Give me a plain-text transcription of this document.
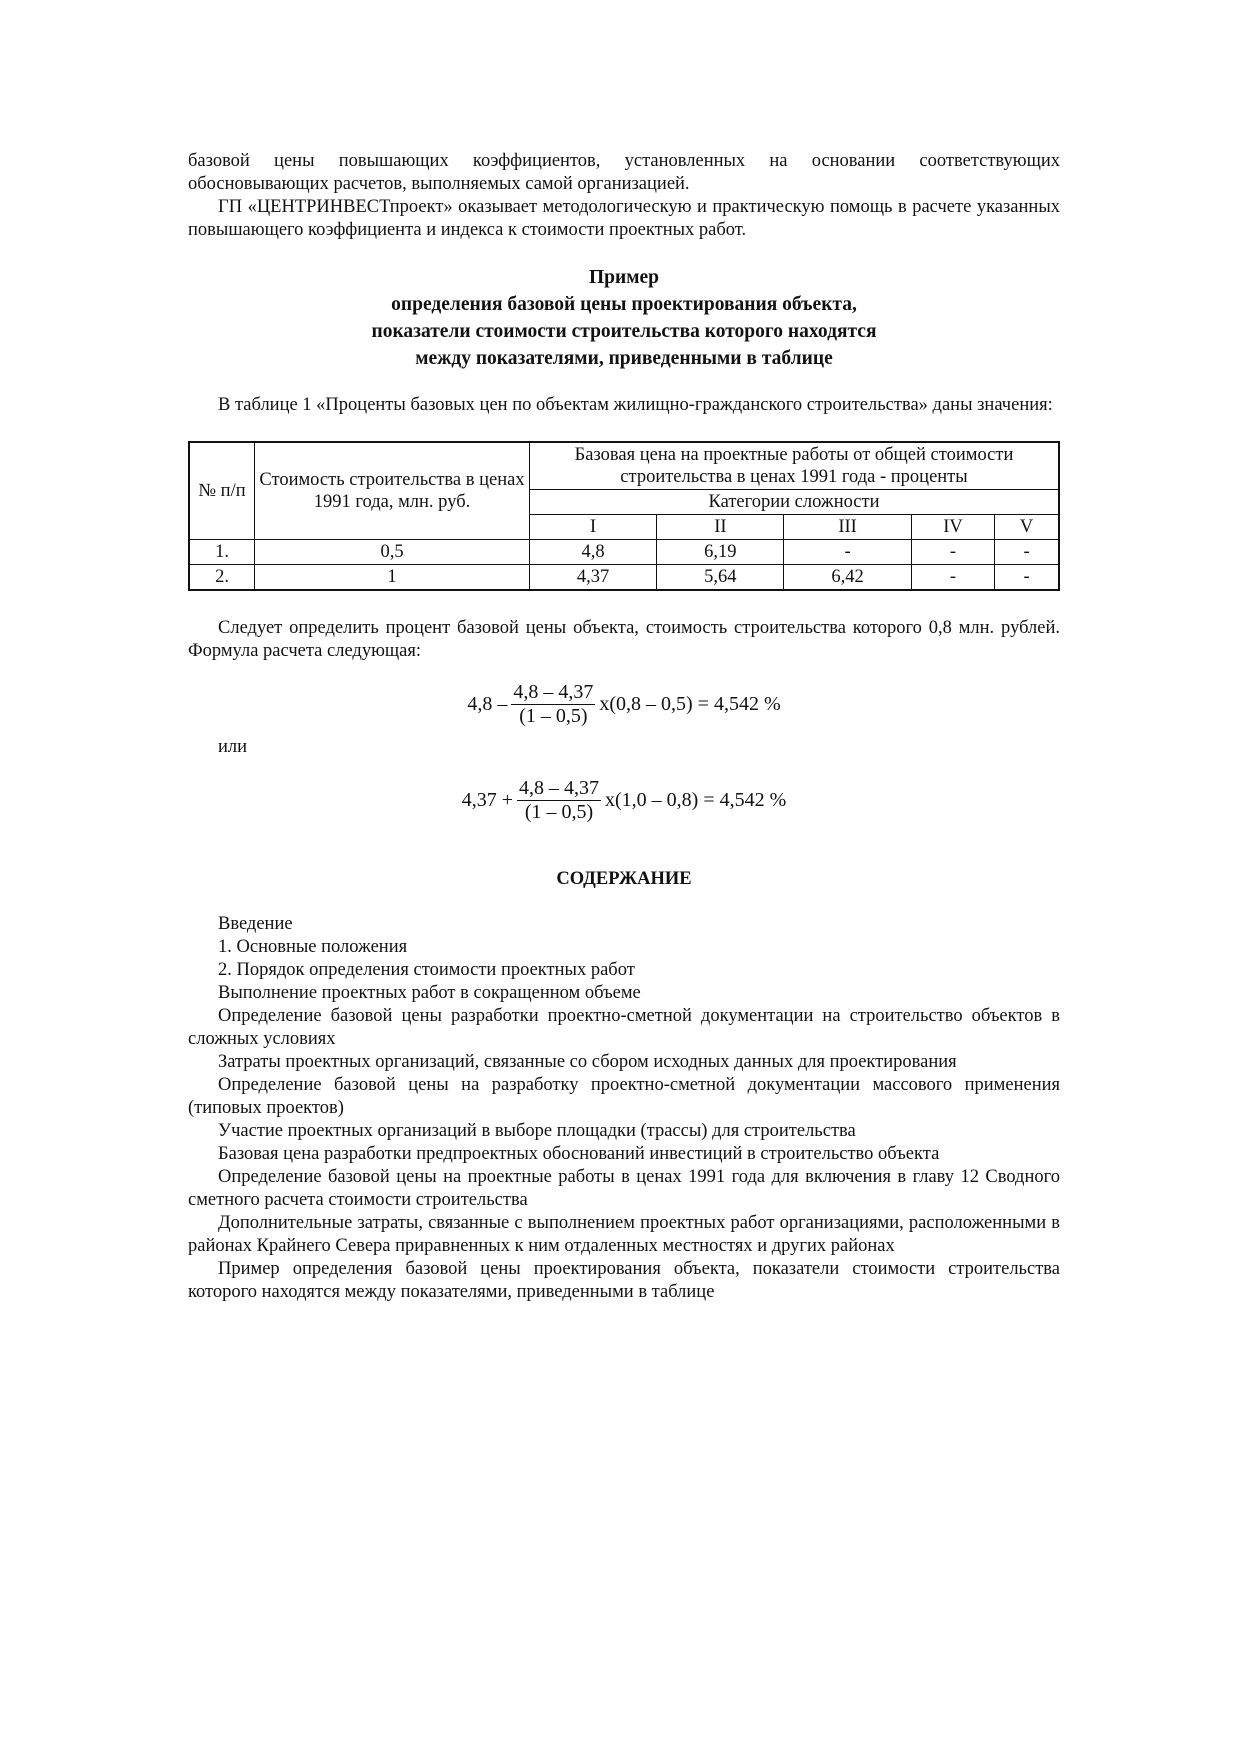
базовой цены повышающих коэффициентов, установленных на основании соответствующих обосновывающих расчетов, выполняемых самой организацией.

ГП «ЦЕНТРИНВЕСТпроект» оказывает методологическую и практическую помощь в расчете указанных повышающего коэффициента и индекса к стоимости проектных работ.

Пример

определения базовой цены проектирования объекта,

показатели стоимости строительства которого находятся

между показателями, приведенными в таблице

В таблице 1 «Проценты базовых цен по объектам жилищно-гражданского строительства» даны значения:

№ п/п	Стоимость строительства в ценах 1991 года, млн. руб.	Базовая цена на проектные работы от общей стоимости строительства в ценах 1991 года - проценты				
		Категории сложности				
		I	II	III	IV	V
1.	0,5	4,8	6,19	-	-	-
2.	1	4,37	5,64	6,42	-	-

Следует определить процент базовой цены объекта, стоимость строительства которого 0,8 млн. рублей. Формула расчета следующая:

$4,8 - \frac{4,8 - 4,37}{(1 - 0,5)} x(0,8 - 0,5) = 4,542$ %

или

$4,37 + \frac{4,8 - 4,37}{(1 - 0,5)} x(1,0 - 0,8) = 4,542$ %

СОДЕРЖАНИЕ

Введение

1. Основные положения

2. Порядок определения стоимости проектных работ

Выполнение проектных работ в сокращенном объеме

Определение базовой цены разработки проектно-сметной документации на строительство объектов в сложных условиях

Затраты проектных организаций, связанные со сбором исходных данных для проектирования

Определение базовой цены на разработку проектно-сметной документации массового применения (типовых проектов)

Участие проектных организаций в выборе площадки (трассы) для строительства

Базовая цена разработки предпроектных обоснований инвестиций в строительство объекта

Определение базовой цены на проектные работы в ценах 1991 года для включения в главу 12 Сводного сметного расчета стоимости строительства

Дополнительные затраты, связанные с выполнением проектных работ организациями, расположенными в районах Крайнего Севера приравненных к ним отдаленных местностях и других районах

Пример определения базовой цены проектирования объекта, показатели стоимости строительства которого находятся между показателями, приведенными в таблице
